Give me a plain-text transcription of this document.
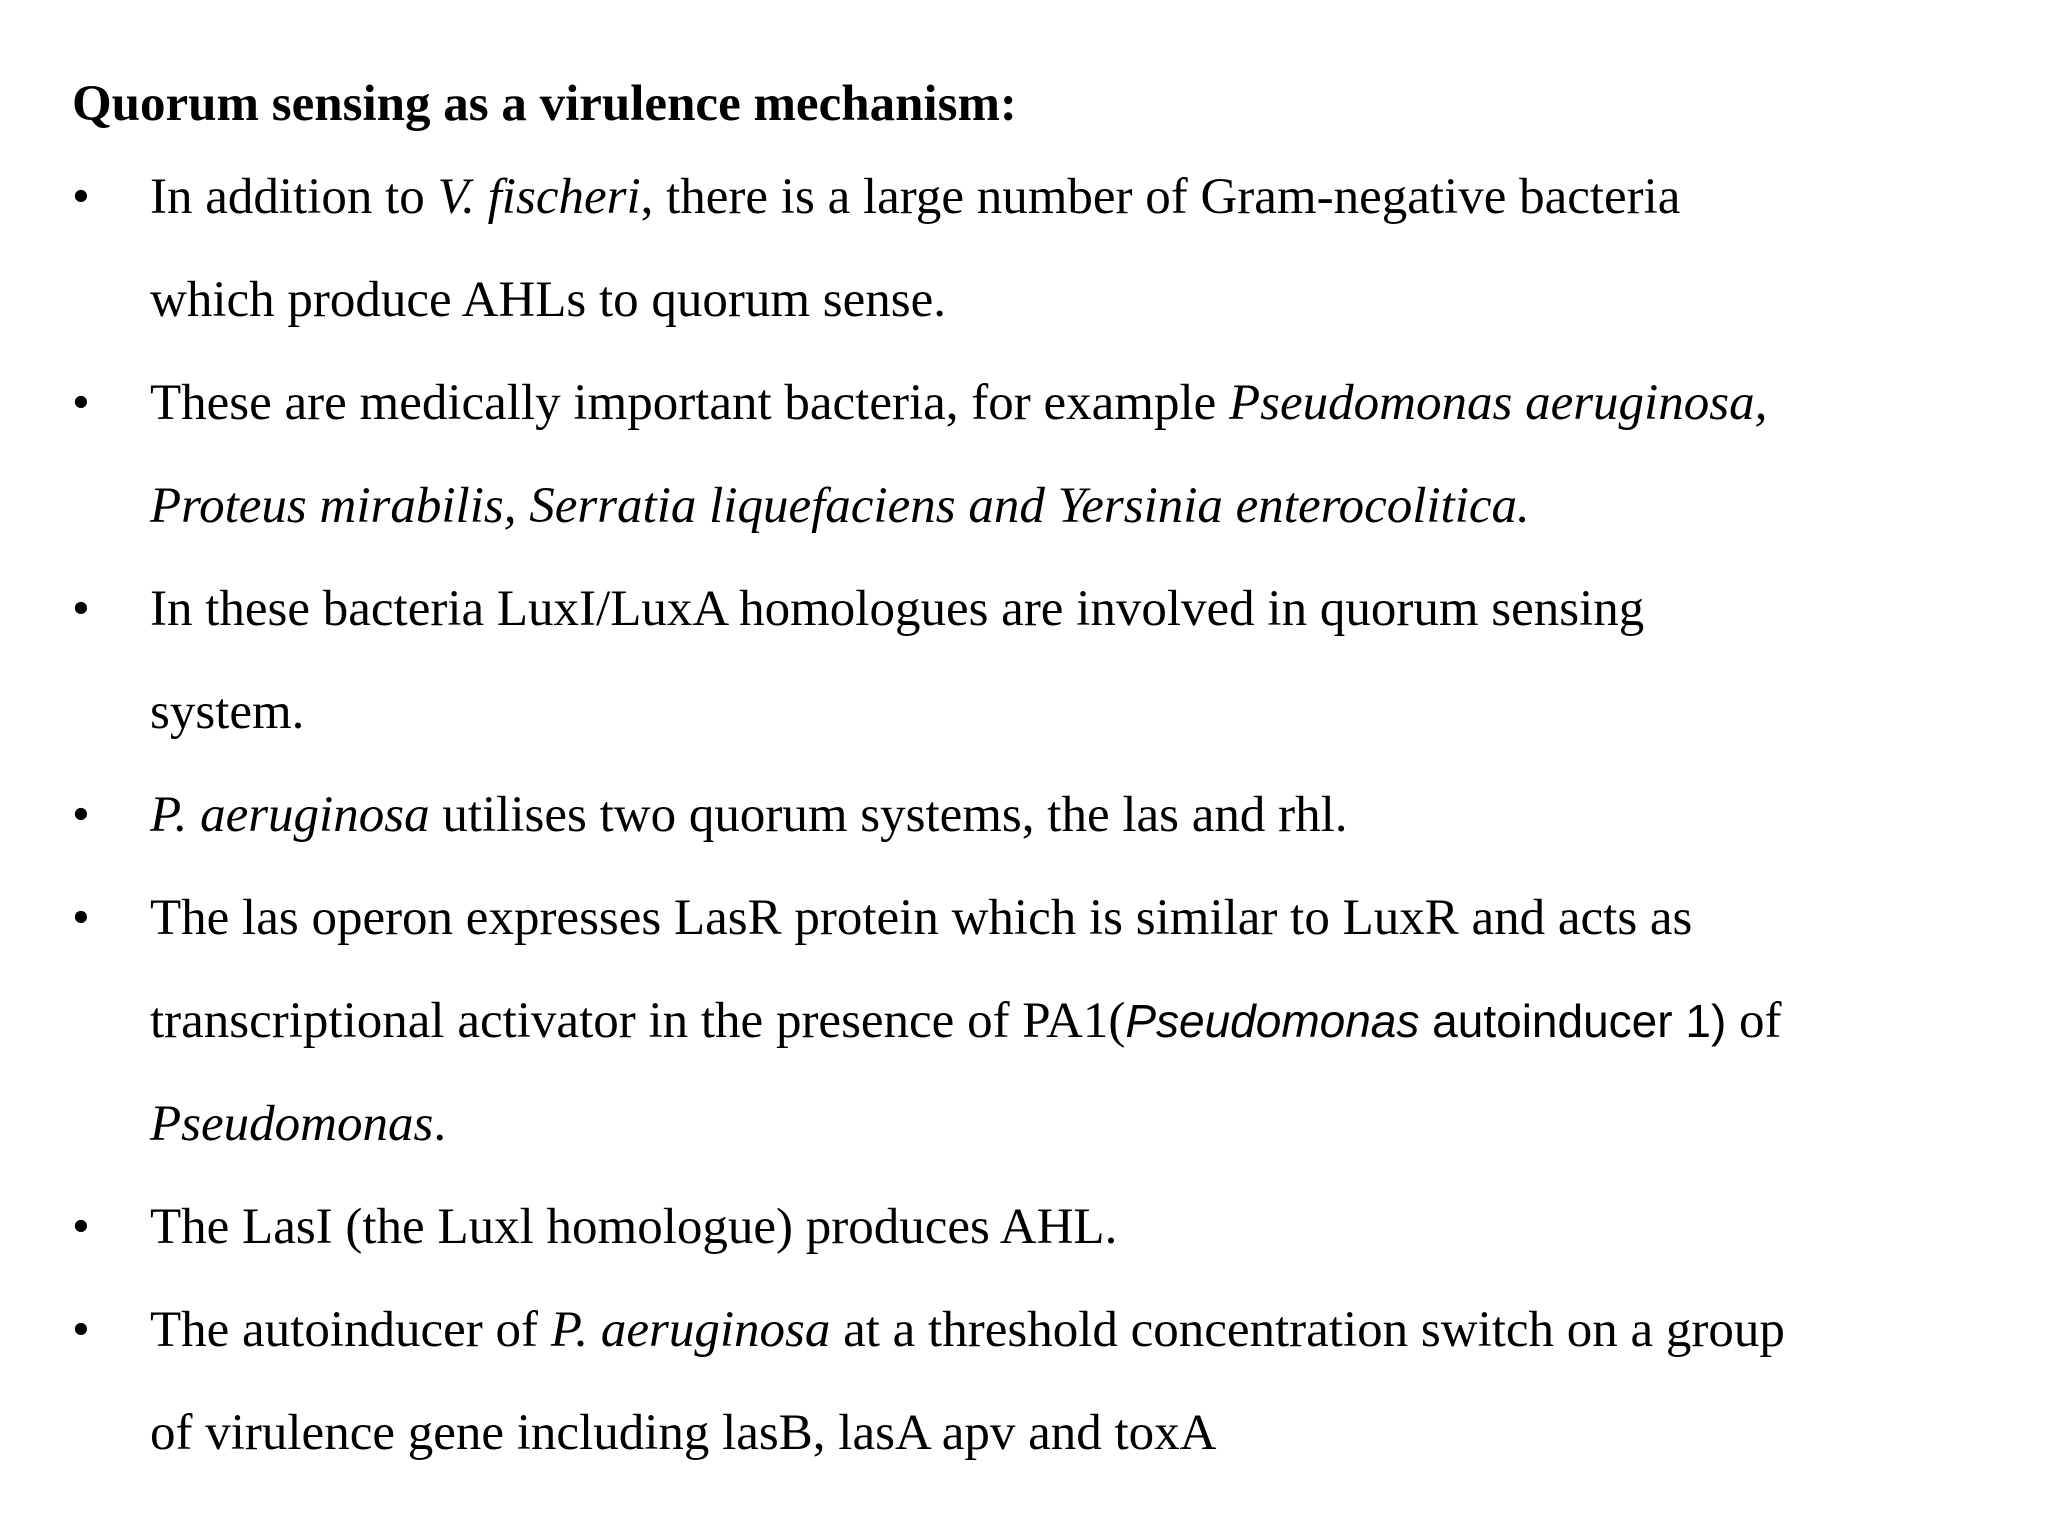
Quorum sensing as a virulence mechanism:
• In addition to V. fischeri, there is a large number of Gram-negative bacteria
which produce AHLs to quorum sense.
• These are medically important bacteria, for example Pseudomonas aeruginosa,
Proteus mirabilis, Serratia liquefaciens and Yersinia enterocolitica.
• In these bacteria LuxI/LuxA homologues are involved in quorum sensing
system.
• P. aeruginosa utilises two quorum systems, the las and rhl.
• The las operon expresses LasR protein which is similar to LuxR and acts as
transcriptional activator in the presence of PA1(Pseudomonas autoinducer 1) of
Pseudomonas.
• The LasI (the Luxl homologue) produces AHL.
• The autoinducer of P. aeruginosa at a threshold concentration switch on a group
of virulence gene including lasB, lasA apv and toxA
